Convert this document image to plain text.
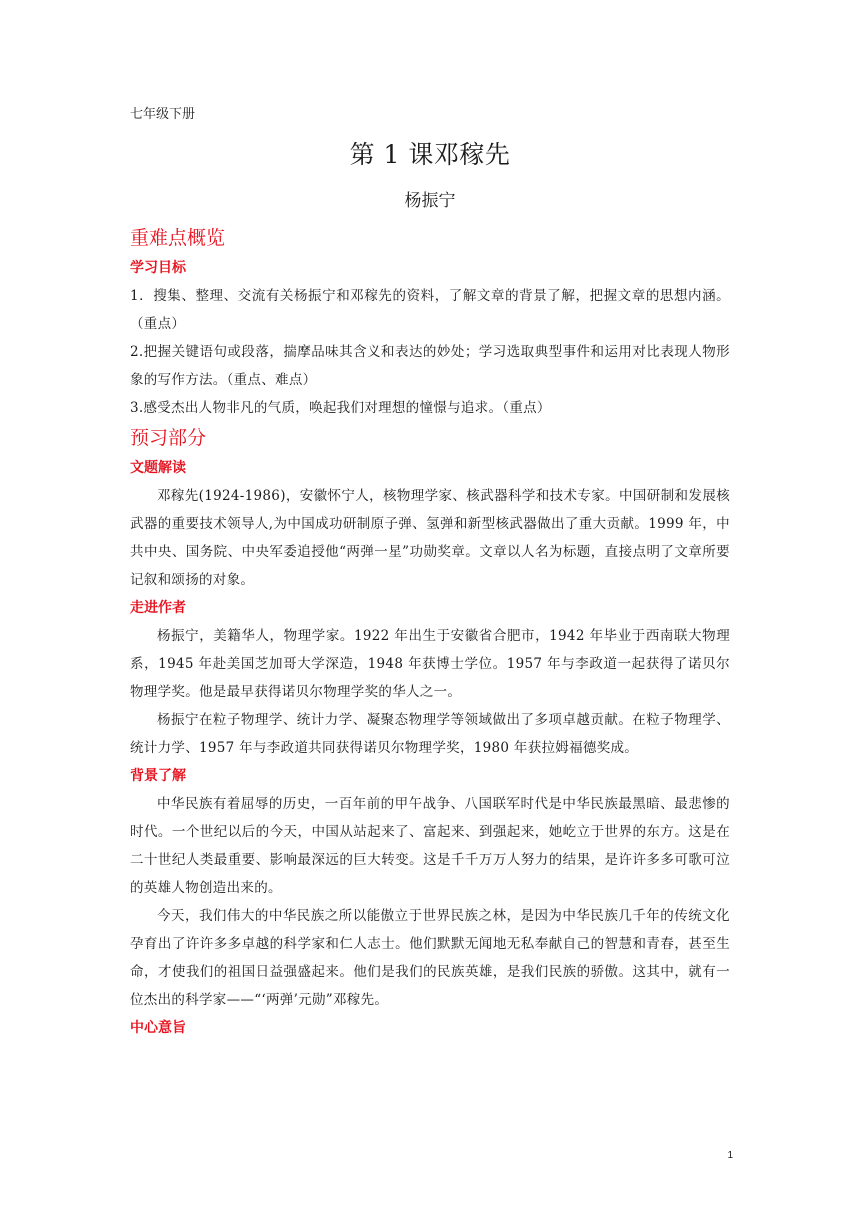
七年级下册
第 1 课邓稼先
杨振宁

重难点概览

学习目标

1．搜集、整理、交流有关杨振宁和邓稼先的资料，了解文章的背景了解，把握文章的思想内涵。（重点）

2.把握关键语句或段落，揣摩品味其含义和表达的妙处；学习选取典型事件和运用对比表现人物形象的写作方法。（重点、难点）

3.感受杰出人物非凡的气质，唤起我们对理想的憧憬与追求。（重点）

预习部分

文题解读

邓稼先(1924-1986)，安徽怀宁人，核物理学家、核武器科学和技术专家。中国研制和发展核武器的重要技术领导人,为中国成功研制原子弹、氢弹和新型核武器做出了重大贡献。1999 年，中共中央、国务院、中央军委追授他“两弹一星”功勋奖章。文章以人名为标题，直接点明了文章所要记叙和颂扬的对象。

走进作者

杨振宁，美籍华人，物理学家。1922 年出生于安徽省合肥市，1942 年毕业于西南联大物理系，1945 年赴美国芝加哥大学深造，1948 年获博士学位。1957 年与李政道一起获得了诺贝尔物理学奖。他是最早获得诺贝尔物理学奖的华人之一。

杨振宁在粒子物理学、统计力学、凝聚态物理学等领域做出了多项卓越贡献。在粒子物理学、统计力学、1957 年与李政道共同获得诺贝尔物理学奖，1980 年获拉姆福德奖成。

背景了解

中华民族有着屈辱的历史，一百年前的甲午战争、八国联军时代是中华民族最黑暗、最悲惨的时代。一个世纪以后的今天，中国从站起来了、富起来、到强起来，她屹立于世界的东方。这是在二十世纪人类最重要、影响最深远的巨大转变。这是千千万万人努力的结果，是许许多多可歌可泣的英雄人物创造出来的。

今天，我们伟大的中华民族之所以能傲立于世界民族之林，是因为中华民族几千年的传统文化孕育出了许许多多卓越的科学家和仁人志士。他们默默无闻地无私奉献自己的智慧和青春，甚至生命，才使我们的祖国日益强盛起来。他们是我们的民族英雄，是我们民族的骄傲。这其中，就有一位杰出的科学家——“‘两弹’元勋”邓稼先。

中心意旨

1
